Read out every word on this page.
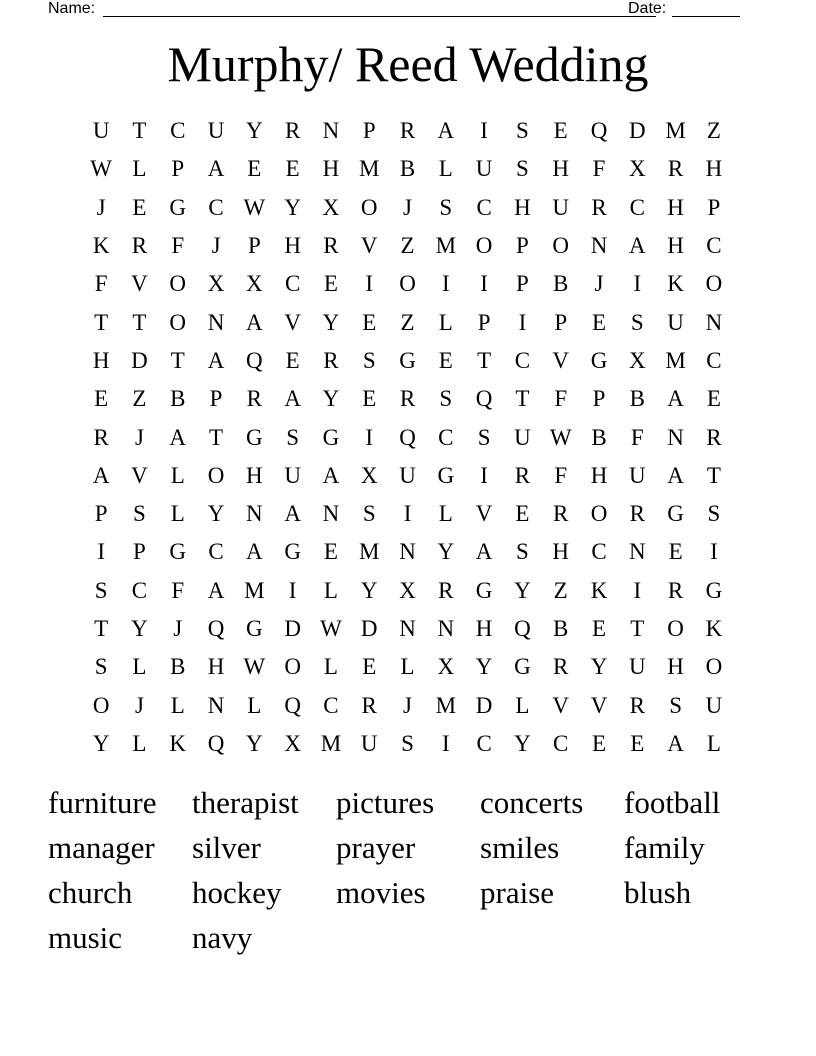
Name:	Date:
Murphy/ Reed Wedding
U T	C U Y R N	P	R A	I	S	E Q D M Z
W L	P	A E	E H M B	L U	S	H	F	X R H
J	E G C W Y X O	J	S	C H U R C H	P
K R	F	J	P	H R V Z M O	P	O N A H C
F	V O X X C	E	I	O	I	I	P	B	J	I	K O
T	T O N A V Y E	Z	L	P	I	P	E	S	U N
H D T A Q E	R	S	G E	T	C V G X M C
E	Z	B	P	R A Y E	R	S	Q T	F	P	B A E
R	J	A T G	S	G	I	Q C	S	U W B	F	N R
A V L O H U A X U G	I	R	F	H U A T
P	S	L Y N A N	S	I	L V E	R O R G	S
I	P	G C A G E M N Y A	S	H C N E	I
S	C	F	A M	I	L Y X R G Y Z K	I	R G
T Y	J	Q G D W D N N H Q B	E	T O K
S	L	B H W O L	E	L X Y G R Y U H O
O	J	L N L Q C R	J	M D L V V R	S	U
Y L K Q Y X M U	S	I	C Y C	E	E A L
furniture	therapist	pictures	concerts	football
manager	silver	prayer	smiles	family
church	hockey	movies	praise	blush
music	navy
